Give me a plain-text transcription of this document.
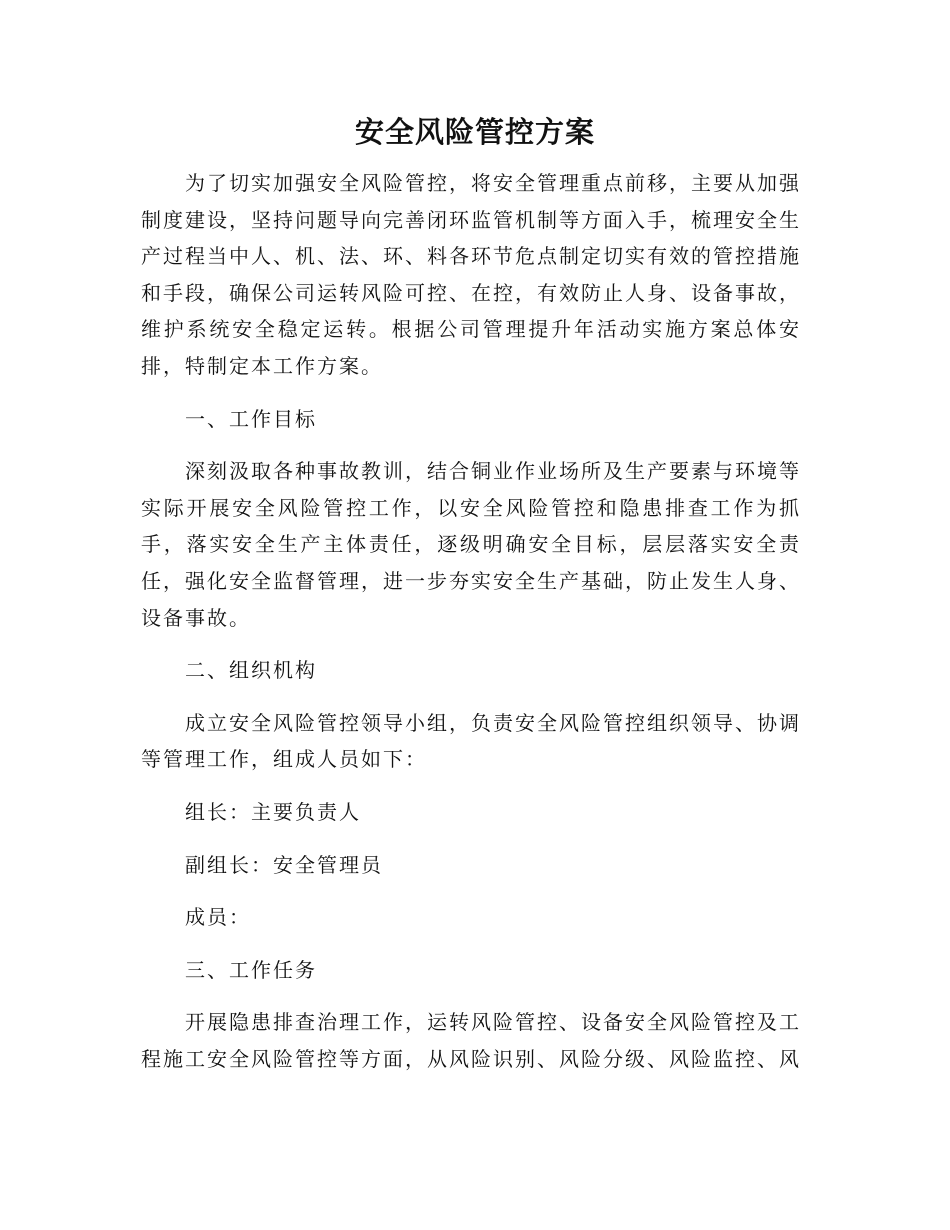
安全风险管控方案

为了切实加强安全风险管控，将安全管理重点前移，主要从加强制度建设，坚持问题导向完善闭环监管机制等方面入手，梳理安全生产过程当中人、机、法、环、料各环节危点制定切实有效的管控措施和手段，确保公司运转风险可控、在控，有效防止人身、设备事故，维护系统安全稳定运转。根据公司管理提升年活动实施方案总体安排，特制定本工作方案。

一、工作目标

深刻汲取各种事故教训，结合铜业作业场所及生产要素与环境等实际开展安全风险管控工作，以安全风险管控和隐患排查工作为抓手，落实安全生产主体责任，逐级明确安全目标，层层落实安全责任，强化安全监督管理，进一步夯实安全生产基础，防止发生人身、设备事故。

二、组织机构

成立安全风险管控领导小组，负责安全风险管控组织领导、协调等管理工作，组成人员如下：

组长：主要负责人

副组长：安全管理员

成员：

三、工作任务

开展隐患排查治理工作，运转风险管控、设备安全风险管控及工程施工安全风险管控等方面，从风险识别、风险分级、风险监控、风
